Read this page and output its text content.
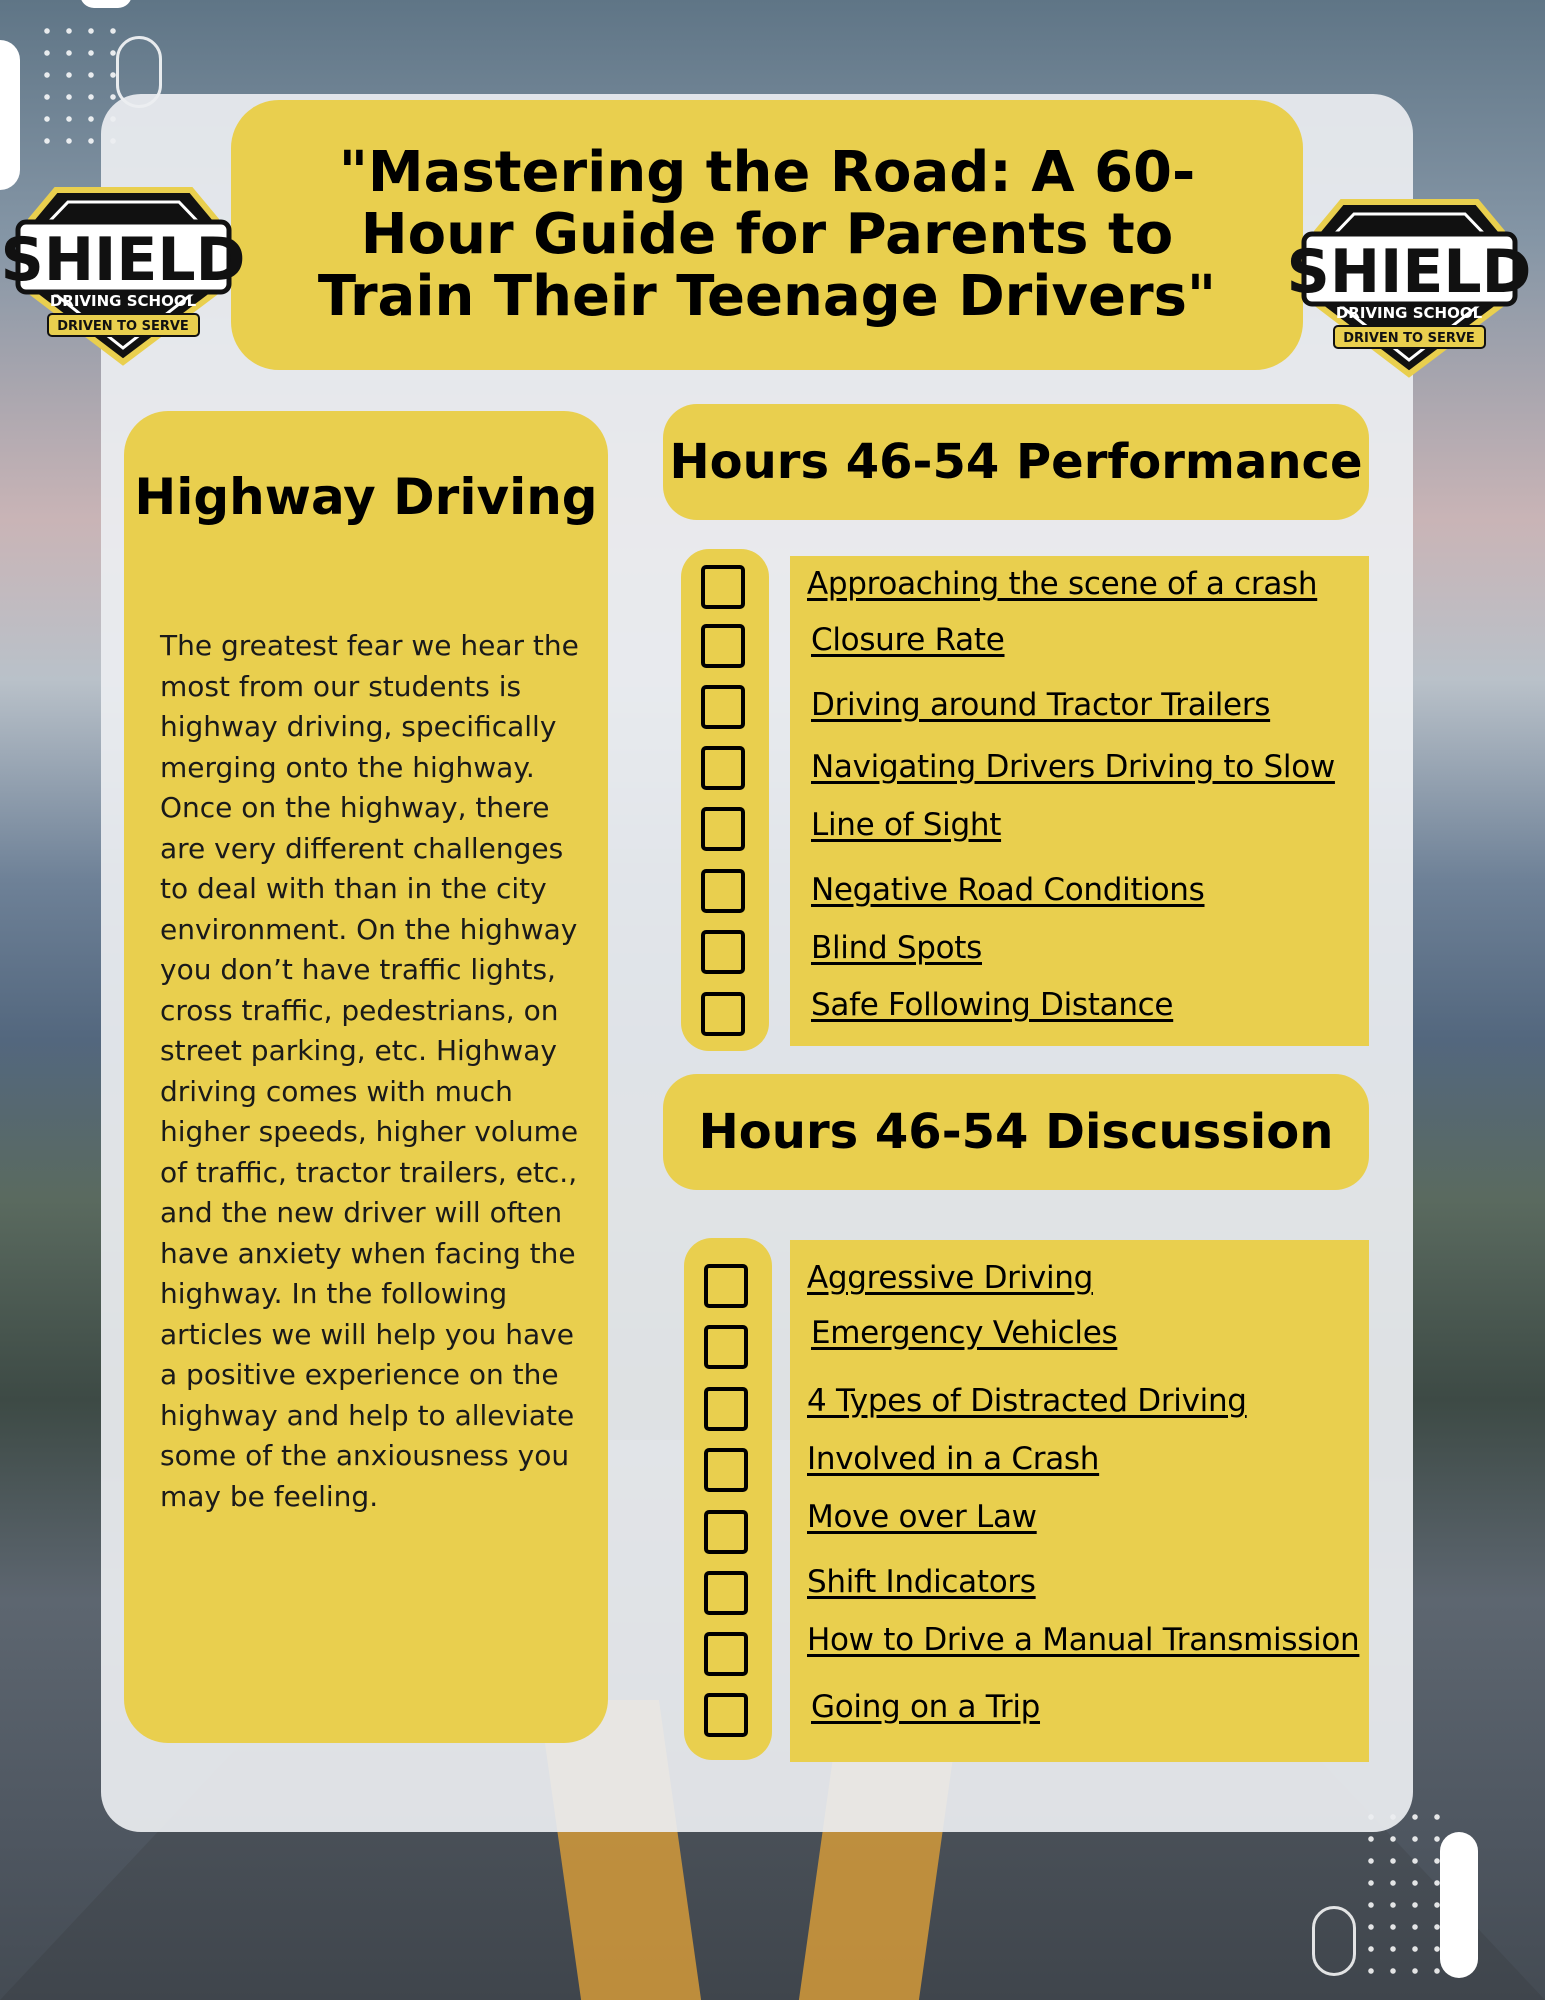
"Mastering the Road: A 60-Hour Guide for Parents to Train Their Teenage Drivers"
SHIELD
DRIVING SCHOOL
DRIVEN TO SERVE
SHIELD
DRIVING SCHOOL
DRIVEN TO SERVE
Highway Driving

The greatest fear we hear the most from our students is highway driving, specifically merging onto the highway. Once on the highway, there are very different challenges to deal with than in the city environment. On the highway you don’t have traffic lights, cross traffic, pedestrians, on street parking, etc. Highway driving comes with much higher speeds, higher volume of traffic, tractor trailers, etc., and the new driver will often have anxiety when facing the highway. In the following articles we will help you have a positive experience on the highway and help to alleviate some of the anxiousness you may be feeling.

Hours 46-54 Performance
Approaching the scene of a crash
Closure Rate
Driving around Tractor Trailers
Navigating Drivers Driving to Slow
Line of Sight
Negative Road Conditions
Blind Spots
Safe Following Distance
Hours 46-54 Discussion
Aggressive Driving
Emergency Vehicles
4 Types of Distracted Driving
Involved in a Crash
Move over Law
Shift Indicators
How to Drive a Manual Transmission
Going on a Trip
